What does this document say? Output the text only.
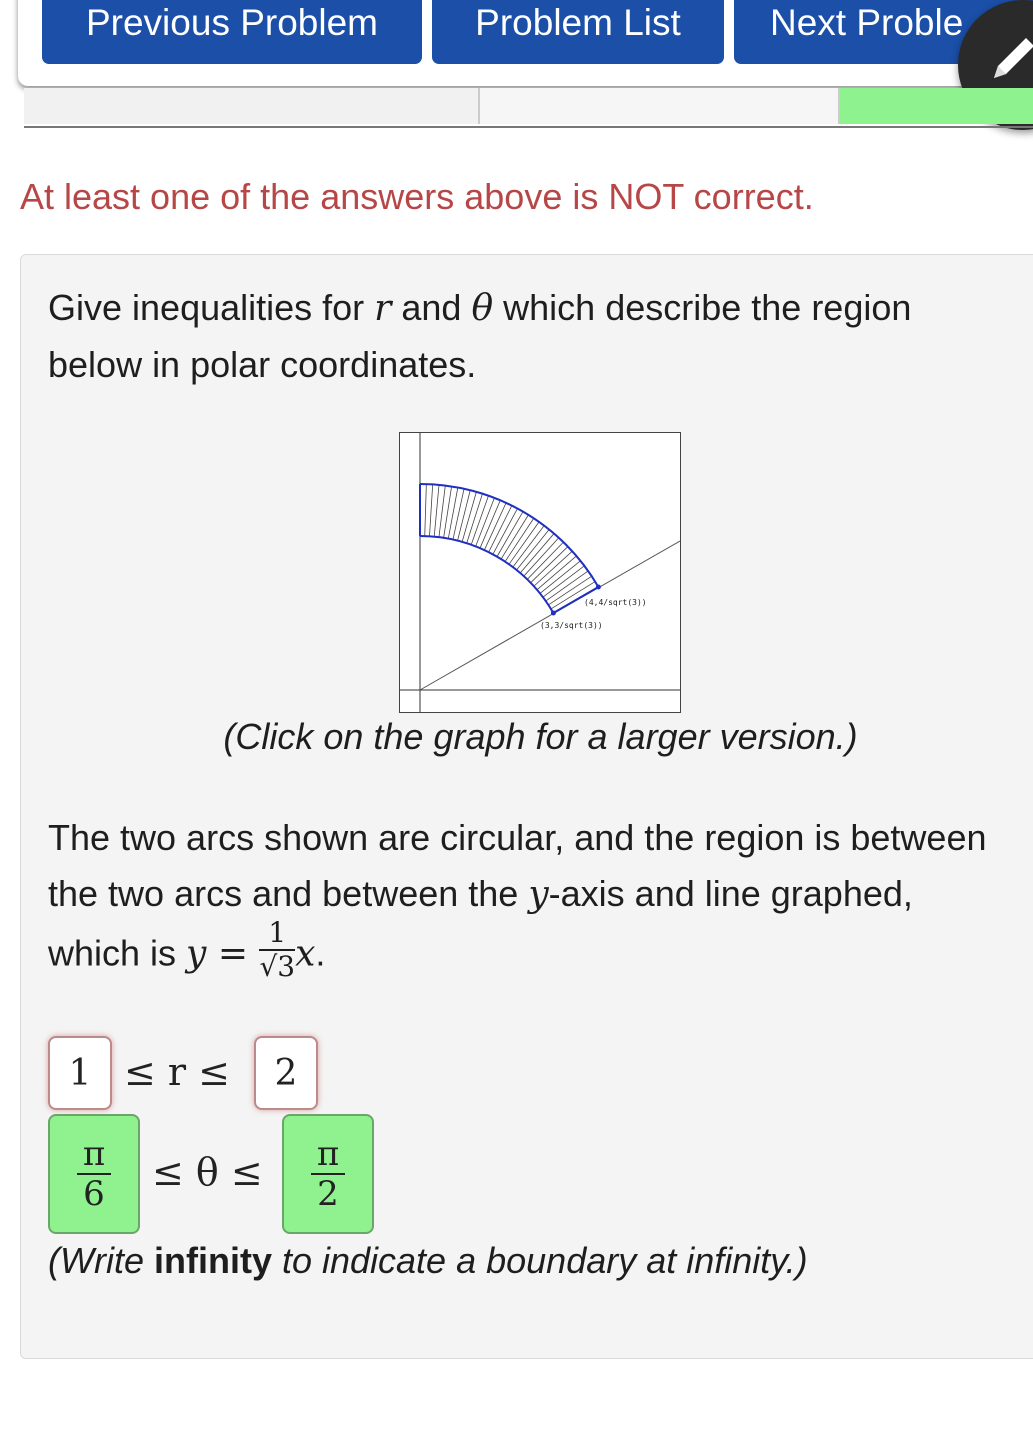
Previous Problem	Problem List	Next Proble
At least one of the answers above is NOT correct.
Give inequalities for r and θ which describe the region below in polar coordinates.
(4,4/sqrt(3))
(3,3/sqrt(3))
(Click on the graph for a larger version.)
The two arcs shown are circular, and the region is between the two arcs and between the y-axis and line graphed, which is $y = \frac{1}{√3} x$.
1 ≤ r ≤	2
$\frac{\pi}{6} \le \theta \le \frac{\pi}{2}$
(Write infinity to indicate a boundary at infinity.)
